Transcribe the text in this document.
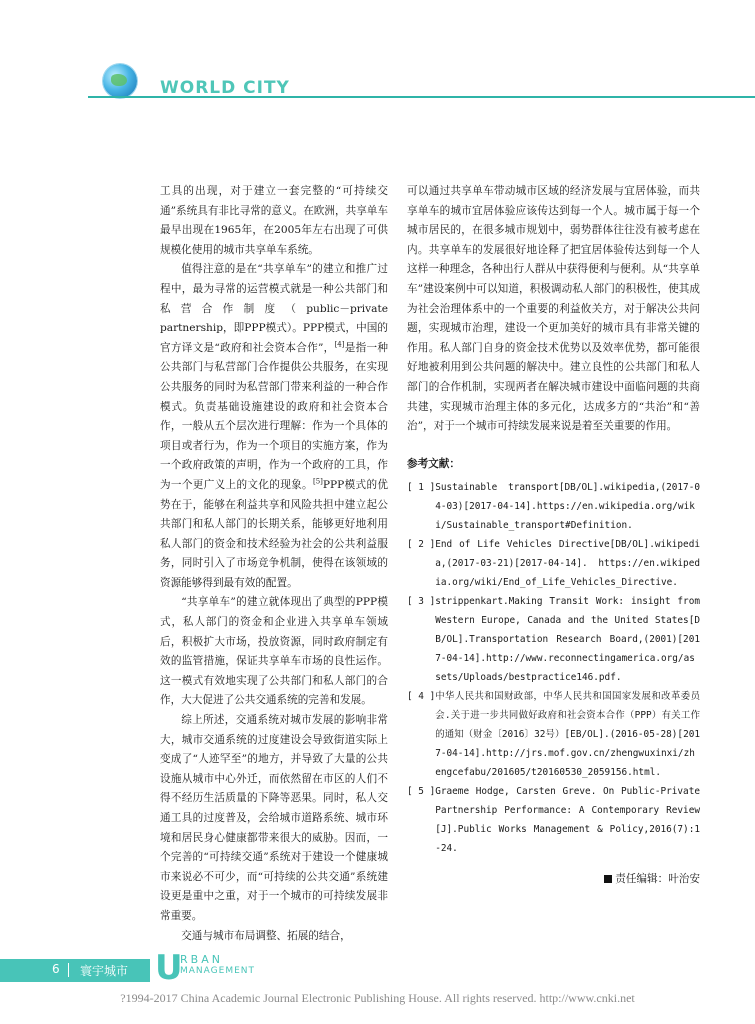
WORLD CITY

工具的出现，对于建立一套完整的“可持续交通”系统具有非比寻常的意义。在欧洲，共享单车最早出现在1965年，在2005年左右出现了可供规模化使用的城市共享单车系统。

值得注意的是在“共享单车”的建立和推广过程中，最为寻常的运营模式就是一种公共部门和私营合作制度（public－private partnership，即PPP模式）。PPP模式，中国的官方译文是“政府和社会资本合作”，[4]是指一种公共部门与私营部门合作提供公共服务，在实现公共服务的同时为私营部门带来利益的一种合作模式。负责基础设施建设的政府和社会资本合作，一般从五个层次进行理解：作为一个具体的项目或者行为，作为一个项目的实施方案，作为一个政府政策的声明，作为一个政府的工具，作为一个更广义上的文化的现象。[5]PPP模式的优势在于，能够在利益共享和风险共担中建立起公共部门和私人部门的长期关系，能够更好地利用私人部门的资金和技术经验为社会的公共利益服务，同时引入了市场竞争机制，使得在该领域的资源能够得到最有效的配置。

“共享单车”的建立就体现出了典型的PPP模式，私人部门的资金和企业进入共享单车领域后，积极扩大市场，投放资源，同时政府制定有效的监管措施，保证共享单车市场的良性运作。这一模式有效地实现了公共部门和私人部门的合作，大大促进了公共交通系统的完善和发展。

综上所述，交通系统对城市发展的影响非常大，城市交通系统的过度建设会导致街道实际上变成了“人迹罕至”的地方，并导致了大量的公共设施从城市中心外迁，而依然留在市区的人们不得不经历生活质量的下降等恶果。同时，私人交通工具的过度普及，会给城市道路系统、城市环境和居民身心健康都带来很大的威胁。因而，一个完善的“可持续交通”系统对于建设一个健康城市来说必不可少，而“可持续的公共交通”系统建设更是重中之重，对于一个城市的可持续发展非常重要。

交通与城市布局调整、拓展的结合，

可以通过共享单车带动城市区域的经济发展与宜居体验，而共享单车的城市宜居体验应该传达到每一个人。城市属于每一个城市居民的，在很多城市规划中，弱势群体往往没有被考虑在内。共享单车的发展很好地诠释了把宜居体验传达到每一个人这样一种理念，各种出行人群从中获得便利与便利。从“共享单车”建设案例中可以知道，积极调动私人部门的积极性，使其成为社会治理体系中的一个重要的利益攸关方，对于解决公共问题，实现城市治理，建设一个更加美好的城市具有非常关键的作用。私人部门自身的资金技术优势以及效率优势，都可能很好地被利用到公共问题的解决中。建立良性的公共部门和私人部门的合作机制，实现两者在解决城市建设中面临问题的共商共建，实现城市治理主体的多元化，达成多方的“共治”和“善治”，对于一个城市可持续发展来说是着至关重要的作用。

参考文献：
[ 1 ] Sustainable transport[DB/OL].wikipedia,(2017-04-03)[2017-04-14].https://en.wikipedia.org/wiki/Sustainable_transport#Definition.
[ 2 ] End of Life Vehicles Directive[DB/OL].wikipedia,(2017-03-21)[2017-04-14]. https://en.wikipedia.org/wiki/End_of_Life_Vehicles_Directive.
[ 3 ] strippenkart.Making Transit Work: insight from Western Europe, Canada and the United States[DB/OL].Transportation Research Board,(2001)[2017-04-14].http://www.reconnectingamerica.org/assets/Uploads/bestpractice146.pdf.
[ 4 ] 中华人民共和国财政部，中华人民共和国国家发展和改革委员会.关于进一步共同做好政府和社会资本合作（PPP）有关工作的通知（财金〔2016〕32号）[EB/OL].(2016-05-28)[2017-04-14].http://jrs.mof.gov.cn/zhengwuxinxi/zhengcefabu/201605/t20160530_2059156.html.
[ 5 ] Graeme Hodge, Carsten Greve. On Public-Private Partnership Performance: A Contemporary Review[J].Public Works Management & Policy,2016(7):1-24.
责任编辑：叶治安
6 寰宇城市 U
RBAN
MANAGEMENT
?1994-2017 China Academic Journal Electronic Publishing House. All rights reserved. http://www.cnki.net
